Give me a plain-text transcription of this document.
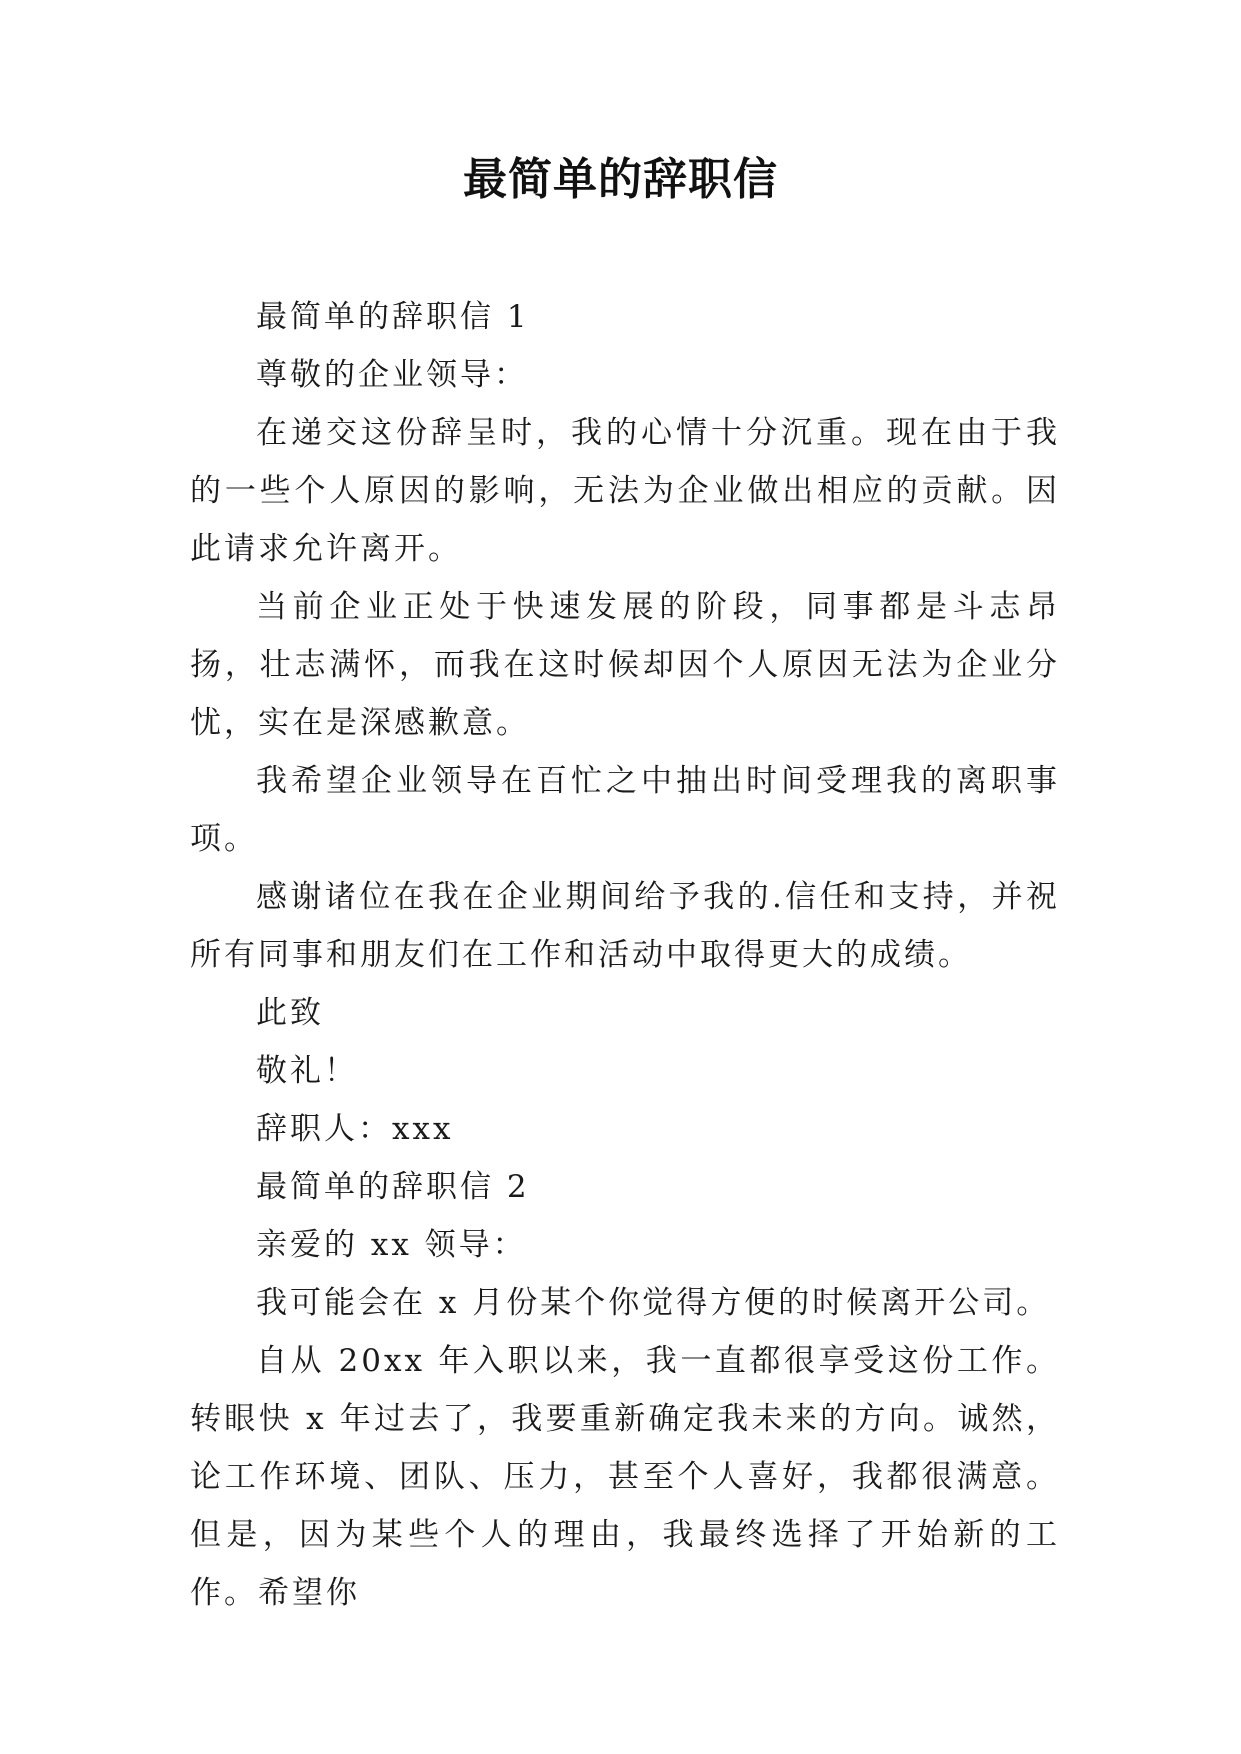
最简单的辞职信

最简单的辞职信 1

尊敬的企业领导：

在递交这份辞呈时，我的心情十分沉重。现在由于我的一些个人原因的影响，无法为企业做出相应的贡献。因此请求允许离开。

当前企业正处于快速发展的阶段，同事都是斗志昂扬，壮志满怀，而我在这时候却因个人原因无法为企业分忧，实在是深感歉意。

我希望企业领导在百忙之中抽出时间受理我的离职事项。

感谢诸位在我在企业期间给予我的.信任和支持，并祝所有同事和朋友们在工作和活动中取得更大的成绩。

此致

敬礼！

辞职人：xxx

最简单的辞职信 2

亲爱的 xx 领导：

我可能会在 x 月份某个你觉得方便的时候离开公司。

自从 20xx 年入职以来，我一直都很享受这份工作。转眼快 x 年过去了，我要重新确定我未来的方向。诚然，论工作环境、团队、压力，甚至个人喜好，我都很满意。但是，因为某些个人的理由，我最终选择了开始新的工作。希望你
